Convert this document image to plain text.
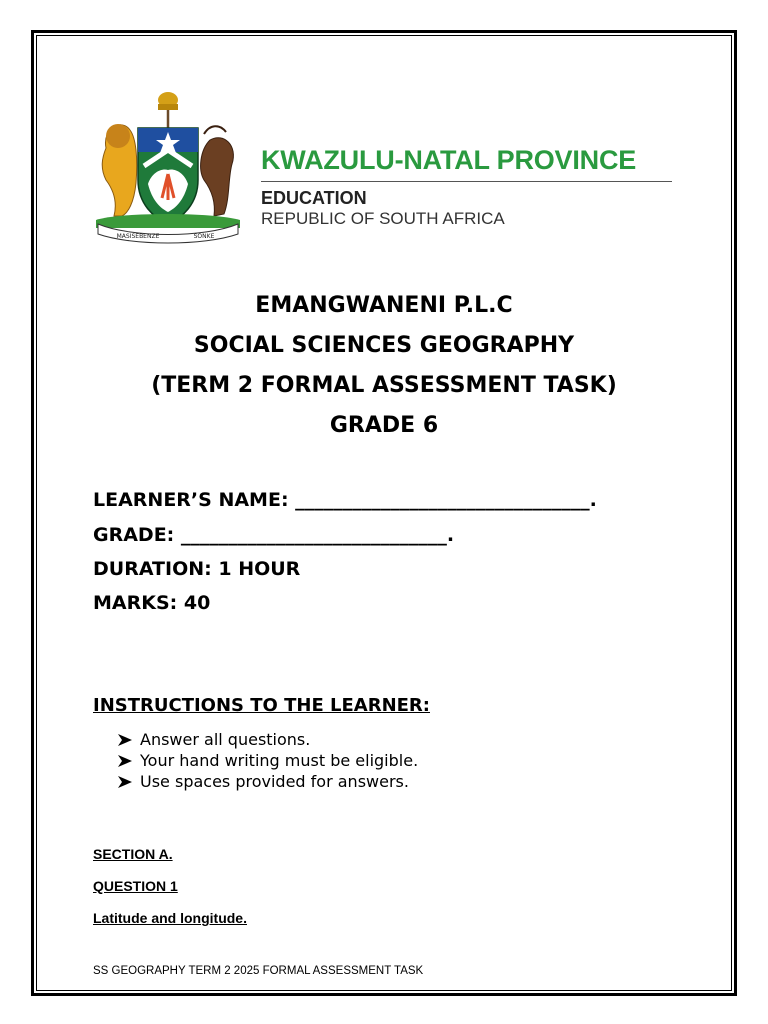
MASISEBENZE	SONKE
KWAZULU-NATAL PROVINCE
EDUCATION
REPUBLIC OF SOUTH AFRICA
EMANGWANENI P.L.C
SOCIAL SCIENCES GEOGRAPHY
(TERM 2 FORMAL ASSESSMENT TASK)
GRADE 6
LEARNER’S NAME: _______________________________.
GRADE: ____________________________.
DURATION: 1 HOUR
MARKS: 40
INSTRUCTIONS TO THE LEARNER:
Answer all questions.
Your hand writing must be eligible.
Use spaces provided for answers.
SECTION A.
QUESTION 1
Latitude and longitude.
SS GEOGRAPHY TERM 2 2025 FORMAL ASSESSMENT TASK
